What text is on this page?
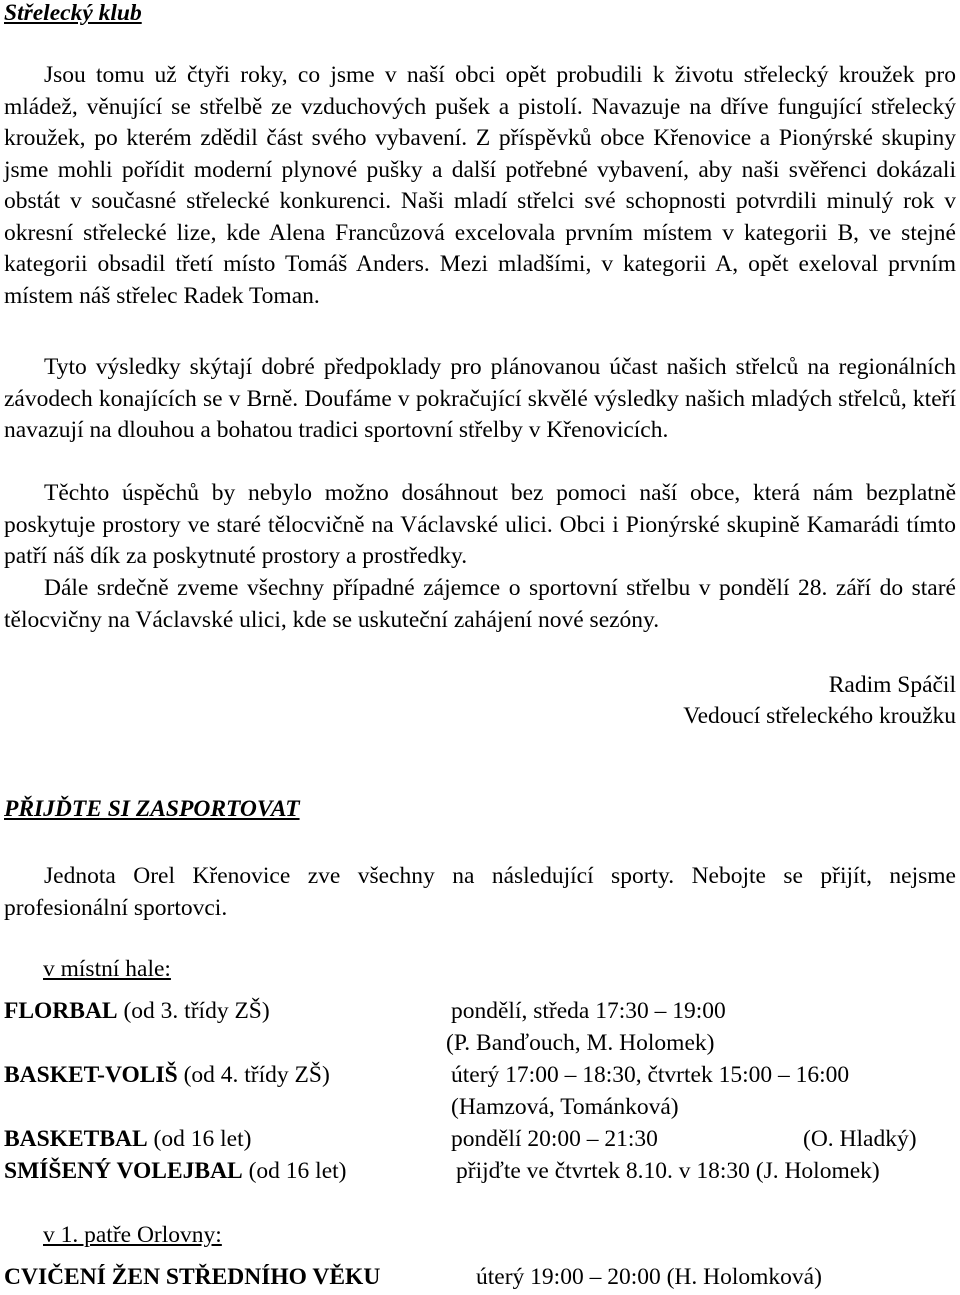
Střelecký klub

Jsou tomu už čtyři roky, co jsme v naší obci opět probudili k životu střelecký kroužek pro mládež, věnující se střelbě ze vzduchových pušek a pistolí. Navazuje na dříve fungující střelecký kroužek, po kterém zdědil část svého vybavení. Z příspěvků obce Křenovice a Pionýrské skupiny jsme mohli pořídit moderní plynové pušky a další potřebné vybavení, aby naši svěřenci dokázali obstát v současné střelecké konkurenci. Naši mladí střelci své schopnosti potvrdili minulý rok v okresní střelecké lize, kde Alena Francůzová excelovala prvním místem v kategorii B, ve stejné kategorii obsadil třetí místo Tomáš Anders. Mezi mladšími, v kategorii A, opět exeloval prvním místem náš střelec Radek Toman.

Tyto výsledky skýtají dobré předpoklady pro plánovanou účast našich střelců na regionálních závodech konajících se v Brně. Doufáme v pokračující skvělé výsledky našich mladých střelců, kteří navazují na dlouhou a bohatou tradici sportovní střelby v Křenovicích.

Těchto úspěchů by nebylo možno dosáhnout bez pomoci naší obce, která nám bezplatně poskytuje prostory ve staré tělocvičně na Václavské ulici. Obci i Pionýrské skupině Kamarádi tímto patří náš dík za poskytnuté prostory a prostředky.

Dále srdečně zveme všechny případné zájemce o sportovní střelbu v pondělí 28. září do staré tělocvičny na Václavské ulici, kde se uskuteční zahájení nové sezóny.

Radim Spáčil
Vedoucí střeleckého kroužku
PŘIJĎTE SI ZASPORTOVAT

Jednota Orel Křenovice zve všechny na následující sporty. Nebojte se přijít, nejsme profesionální sportovci.

v místní hale:
FLORBAL (od 3. třídy ZŠ)	pondělí, středa 17:30 – 19:00
(P. Banďouch, M. Holomek)
BASKET-VOLIŠ (od 4. třídy ZŠ)	úterý 17:00 – 18:30, čtvrtek 15:00 – 16:00
(Hamzová, Tománková)
BASKETBAL (od 16 let)	pondělí 20:00 – 21:30	(O. Hladký)
SMÍŠENÝ VOLEJBAL (od 16 let)	přijďte ve čtvrtek 8.10. v 18:30 (J. Holomek)
v 1. patře Orlovny:
CVIČENÍ ŽEN STŘEDNÍHO VĚKU	úterý 19:00 – 20:00 (H. Holomková)
